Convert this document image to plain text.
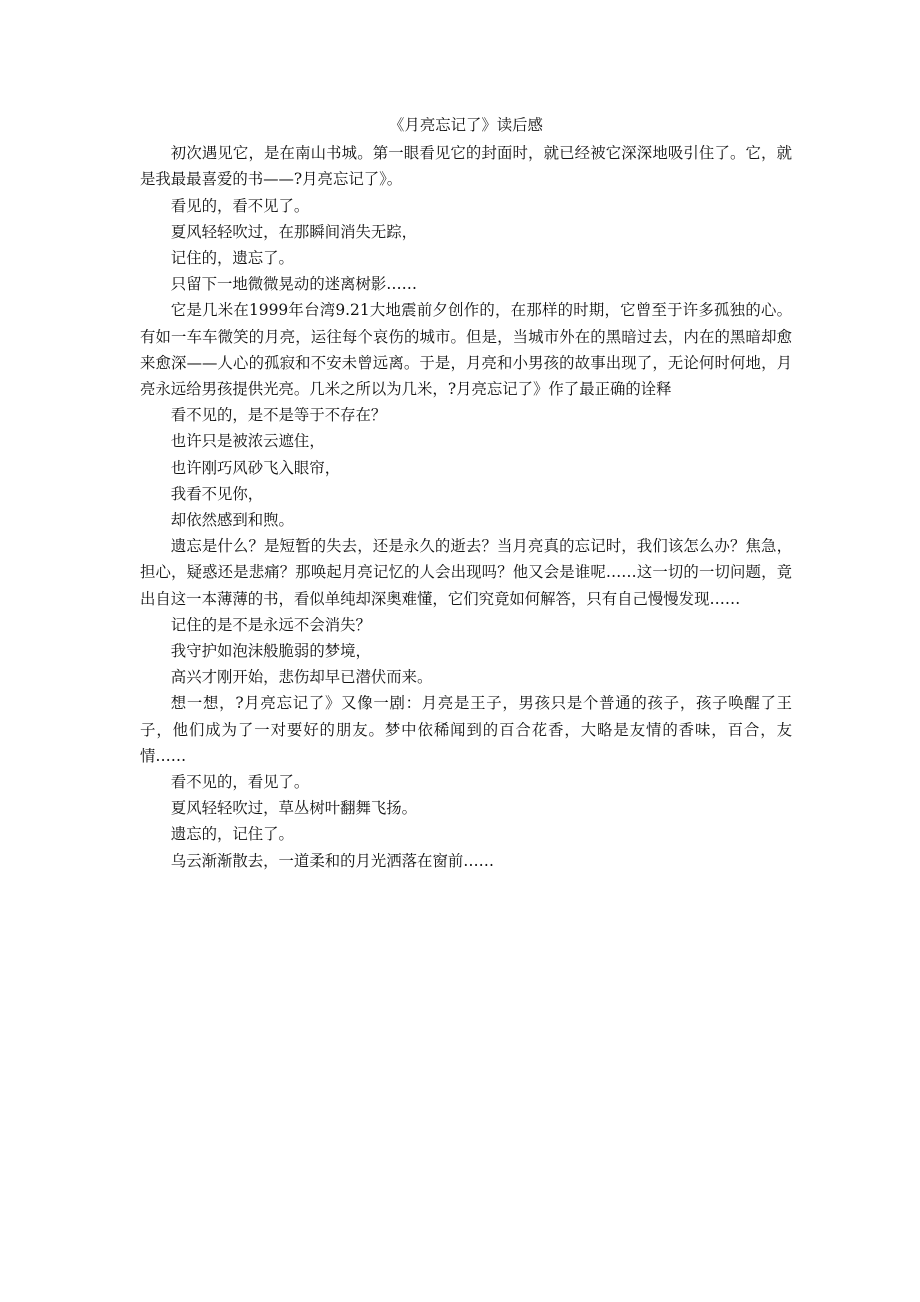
《月亮忘记了》读后感

初次遇见它，是在南山书城。第一眼看见它的封面时，就已经被它深深地吸引住了。它，就是我最最喜爱的书——?月亮忘记了》。

看见的，看不见了。

夏风轻轻吹过，在那瞬间消失无踪，

记住的，遗忘了。

只留下一地微微晃动的迷离树影……

它是几米在1999年台湾9.21大地震前夕创作的，在那样的时期，它曾至于许多孤独的心。有如一车车微笑的月亮，运往每个哀伤的城市。但是，当城市外在的黑暗过去，内在的黑暗却愈来愈深——人心的孤寂和不安未曾远离。于是，月亮和小男孩的故事出现了，无论何时何地，月亮永远给男孩提供光亮。几米之所以为几米，?月亮忘记了》作了最正确的诠释

看不见的，是不是等于不存在？

也许只是被浓云遮住，

也许刚巧风砂飞入眼帘，

我看不见你，

却依然感到和煦。

遗忘是什么？是短暂的失去，还是永久的逝去？当月亮真的忘记时，我们该怎么办？焦急，担心，疑惑还是悲痛？那唤起月亮记忆的人会出现吗？他又会是谁呢……这一切的一切问题，竟出自这一本薄薄的书，看似单纯却深奥难懂，它们究竟如何解答，只有自己慢慢发现……

记住的是不是永远不会消失？

我守护如泡沫般脆弱的梦境，

高兴才刚开始，悲伤却早已潜伏而来。

想一想，?月亮忘记了》又像一剧：月亮是王子，男孩只是个普通的孩子，孩子唤醒了王子，他们成为了一对要好的朋友。梦中依稀闻到的百合花香，大略是友情的香味，百合，友情……

看不见的，看见了。

夏风轻轻吹过，草丛树叶翻舞飞扬。

遗忘的，记住了。

乌云渐渐散去，一道柔和的月光洒落在窗前……
